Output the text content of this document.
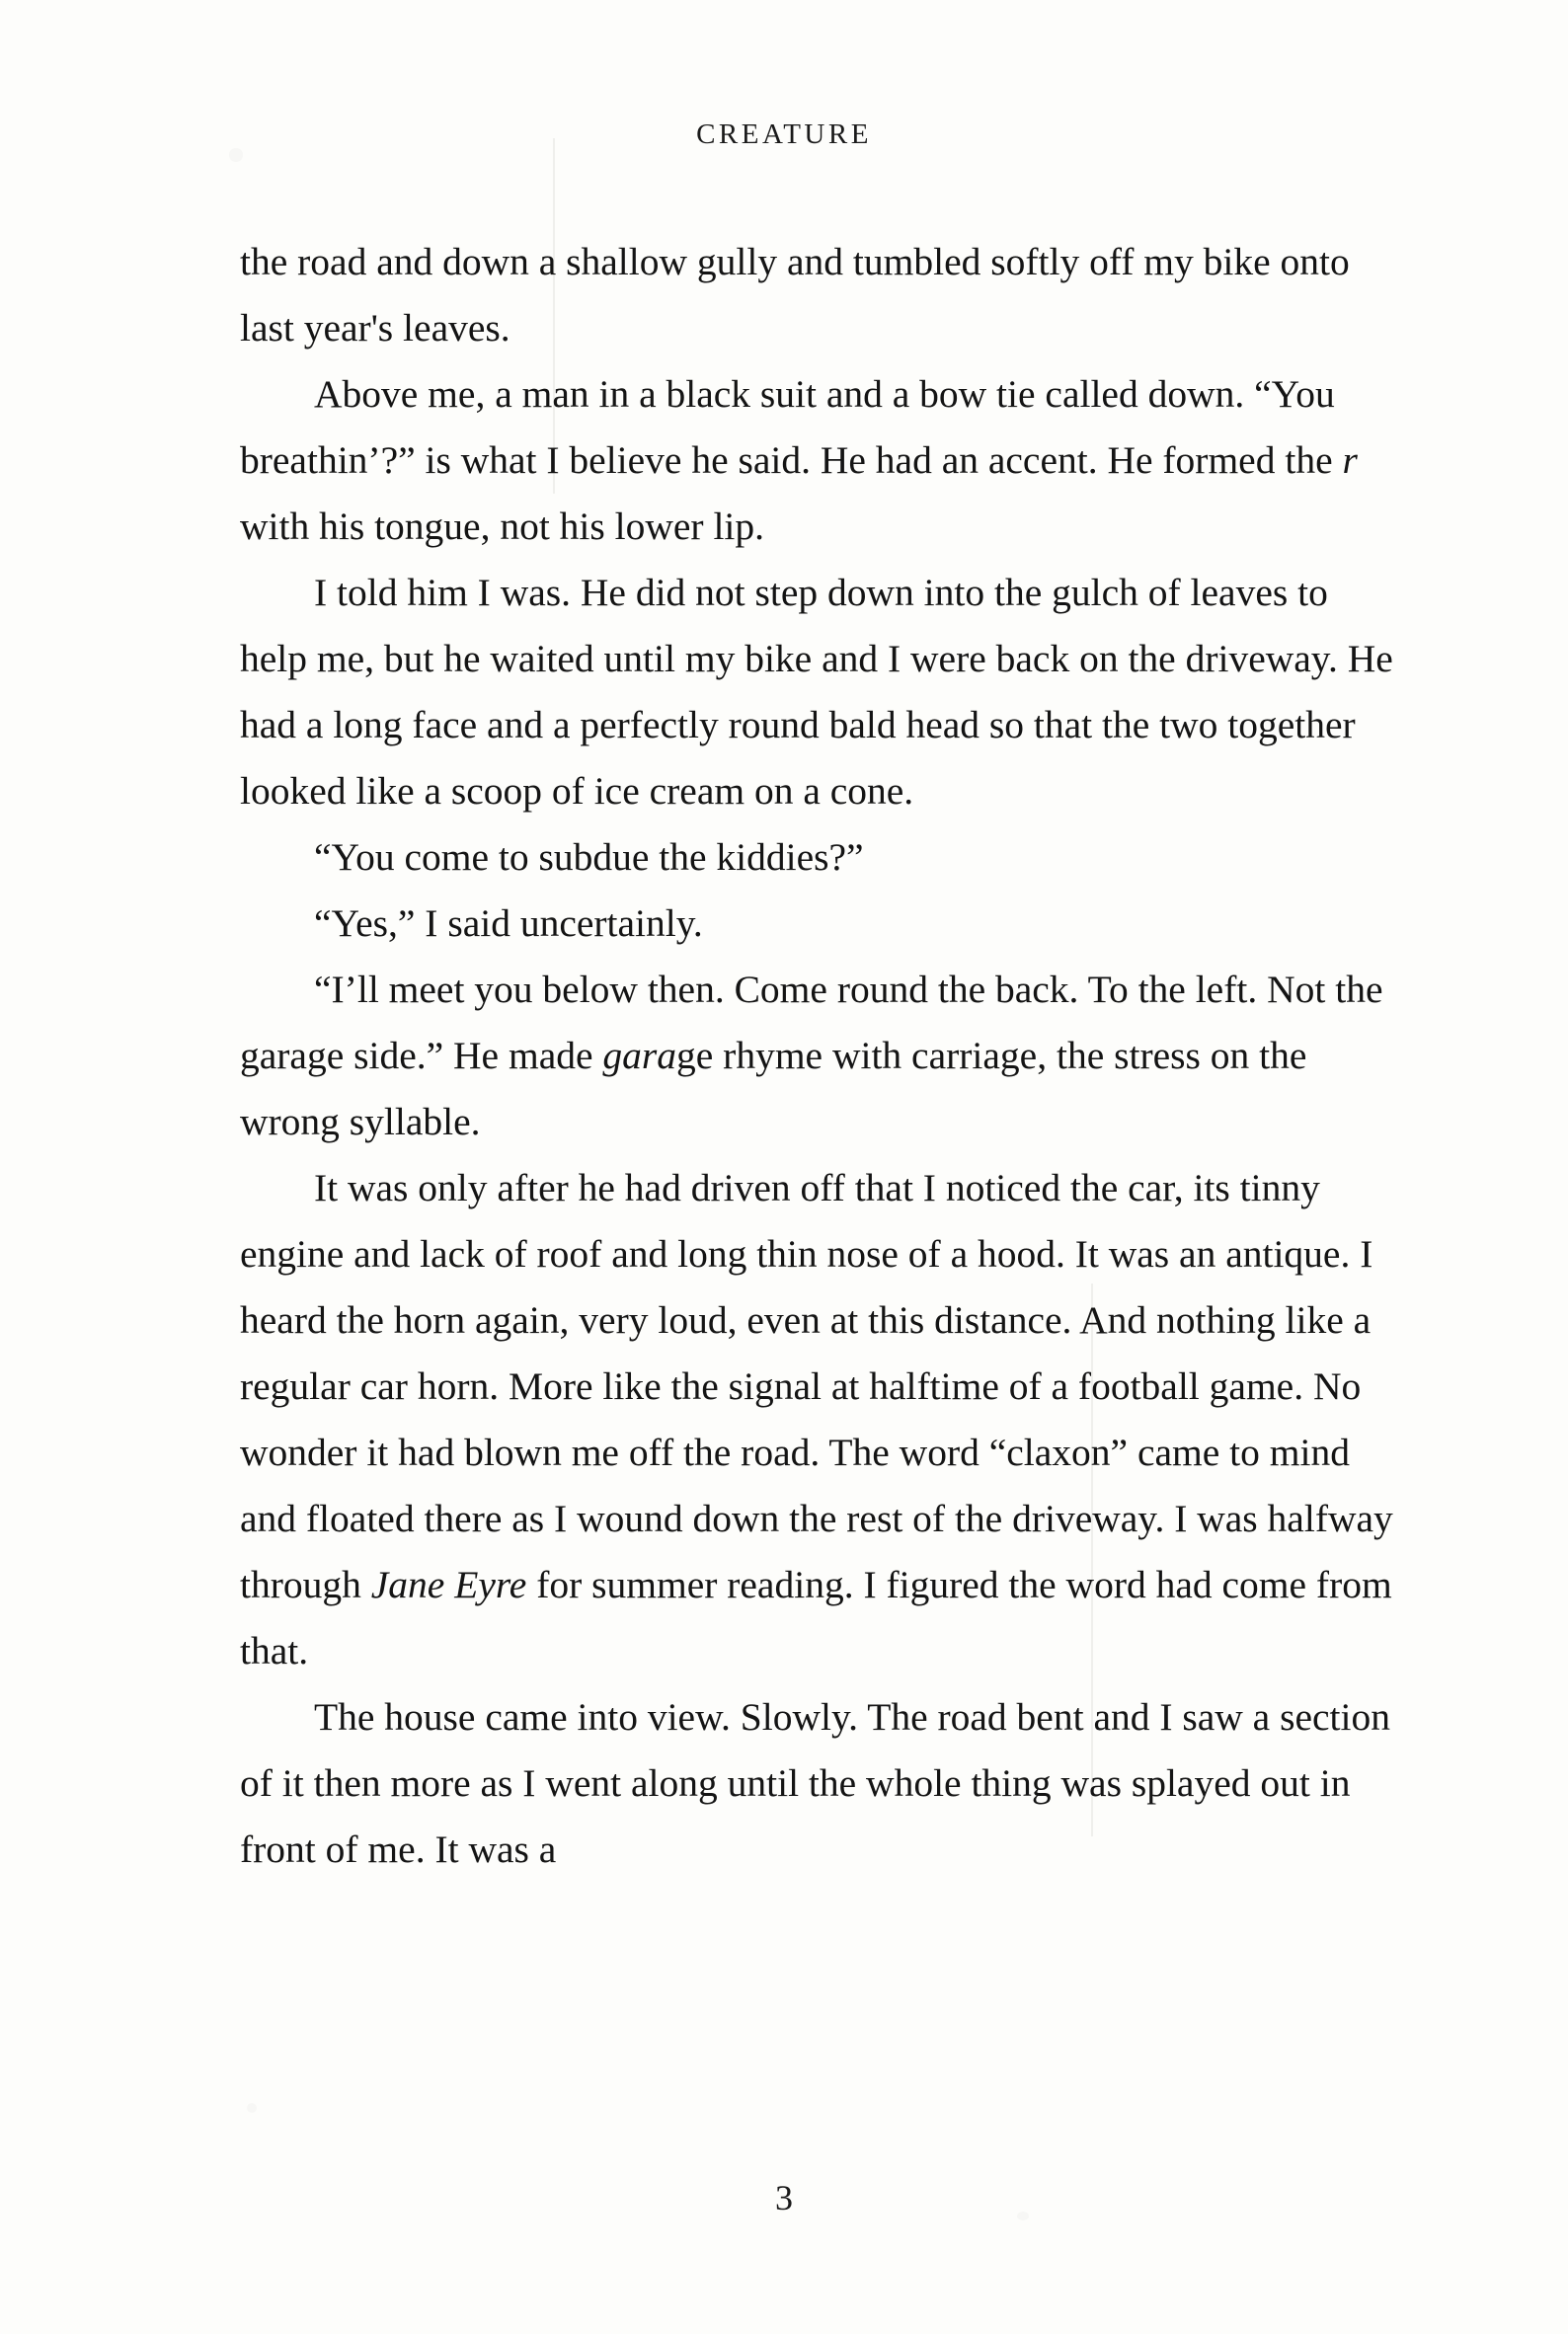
CREATURE

the road and down a shallow gully and tumbled softly off my bike onto last year's leaves.

Above me, a man in a black suit and a bow tie called down. “You breathin’?” is what I believe he said. He had an accent. He formed the r with his tongue, not his lower lip.

I told him I was. He did not step down into the gulch of leaves to help me, but he waited until my bike and I were back on the driveway. He had a long face and a perfectly round bald head so that the two together looked like a scoop of ice cream on a cone.

“You come to subdue the kiddies?”

“Yes,” I said uncertainly.

“I’ll meet you below then. Come round the back. To the left. Not the garage side.” He made garage rhyme with carriage, the stress on the wrong syllable.

It was only after he had driven off that I noticed the car, its tinny engine and lack of roof and long thin nose of a hood. It was an antique. I heard the horn again, very loud, even at this distance. And nothing like a regular car horn. More like the signal at halftime of a football game. No wonder it had blown me off the road. The word “claxon” came to mind and floated there as I wound down the rest of the driveway. I was halfway through Jane Eyre for summer reading. I figured the word had come from that.

The house came into view. Slowly. The road bent and I saw a section of it then more as I went along until the whole thing was splayed out in front of me. It was a

3
